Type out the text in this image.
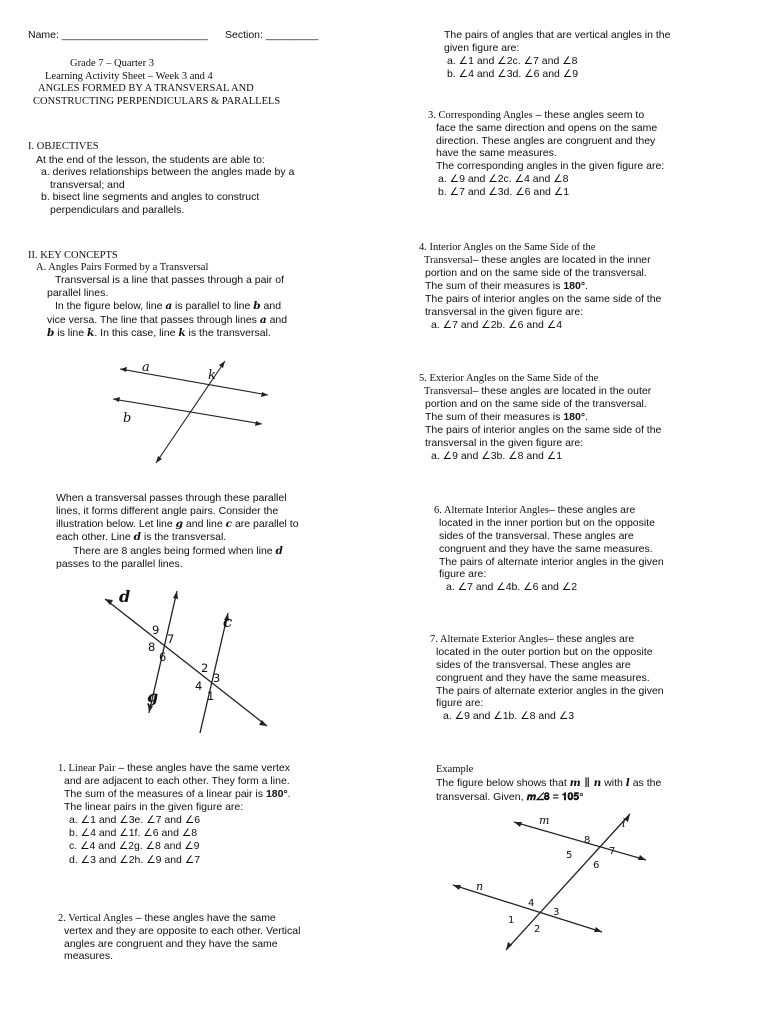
Name: _________________________ Section: _________
Grade 7 – Quarter 3
Learning Activity Sheet – Week 3 and 4
ANGLES FORMED BY A TRANSVERSAL AND
CONSTRUCTING PERPENDICULARS & PARALLELS
I. OBJECTIVES
At the end of the lesson, the students are able to:
a. derives relationships between the angles made by a
transversal; and
b. bisect line segments and angles to construct
perpendiculars and parallels.
II. KEY CONCEPTS
A. Angles Pairs Formed by a Transversal
Transversal is a line that passes through a pair of
parallel lines.
In the figure below, line 𝒂 is parallel to line 𝒃 and
vice versa. The line that passes through lines 𝒂 and
𝒃 is line 𝒌. In this case, line 𝒌 is the transversal.
a
b
k
When a transversal passes through these parallel
lines, it forms different angle pairs. Consider the
illustration below. Let line 𝒈 and line 𝒄 are parallel to
each other. Line 𝒅 is the transversal.
There are 8 angles being formed when line 𝒅
passes to the parallel lines.
d
c
g
9
7
8
6
2
3
4
1
1. Linear Pair – these angles have the same vertex
and are adjacent to each other. They form a line.
The sum of the measures of a linear pair is 180°.
The linear pairs in the given figure are:
a. ∠1 and ∠3e. ∠7 and ∠6
b. ∠4 and ∠1f. ∠6 and ∠8
c. ∠4 and ∠2g. ∠8 and ∠9
d. ∠3 and ∠2h. ∠9 and ∠7
2. Vertical Angles – these angles have the same
vertex and they are opposite to each other. Vertical
angles are congruent and they have the same
measures.
The pairs of angles that are vertical angles in the
given figure are:
a. ∠1 and ∠2c. ∠7 and ∠8
b. ∠4 and ∠3d. ∠6 and ∠9
3. Corresponding Angles – these angles seem to
face the same direction and opens on the same
direction. These angles are congruent and they
have the same measures.
The corresponding angles in the given figure are:
a. ∠9 and ∠2c. ∠4 and ∠8
b. ∠7 and ∠3d. ∠6 and ∠1
4. Interior Angles on the Same Side of the
Transversal– these angles are located in the inner
portion and on the same side of the transversal.
The sum of their measures is 180°.
The pairs of interior angles on the same side of the
transversal in the given figure are:
a. ∠7 and ∠2b. ∠6 and ∠4
5. Exterior Angles on the Same Side of the
Transversal– these angles are located in the outer
portion and on the same side of the transversal.
The sum of their measures is 180°.
The pairs of interior angles on the same side of the
transversal in the given figure are:
a. ∠9 and ∠3b. ∠8 and ∠1
6. Alternate Interior Angles– these angles are
located in the inner portion but on the opposite
sides of the transversal. These angles are
congruent and they have the same measures.
The pairs of alternate interior angles in the given
figure are:
a. ∠7 and ∠4b. ∠6 and ∠2
7. Alternate Exterior Angles– these angles are
located in the outer portion but on the opposite
sides of the transversal. These angles are
congruent and they have the same measures.
The pairs of alternate exterior angles in the given
figure are:
a. ∠9 and ∠1b. ∠8 and ∠3
Example
The figure below shows that 𝒎 ∥ 𝒏 with 𝒍 as the
transversal. Given, 𝒎∠𝟖 = 𝟏𝟎𝟓°
m
n
l
8
7
5
6
4
3
1
2
